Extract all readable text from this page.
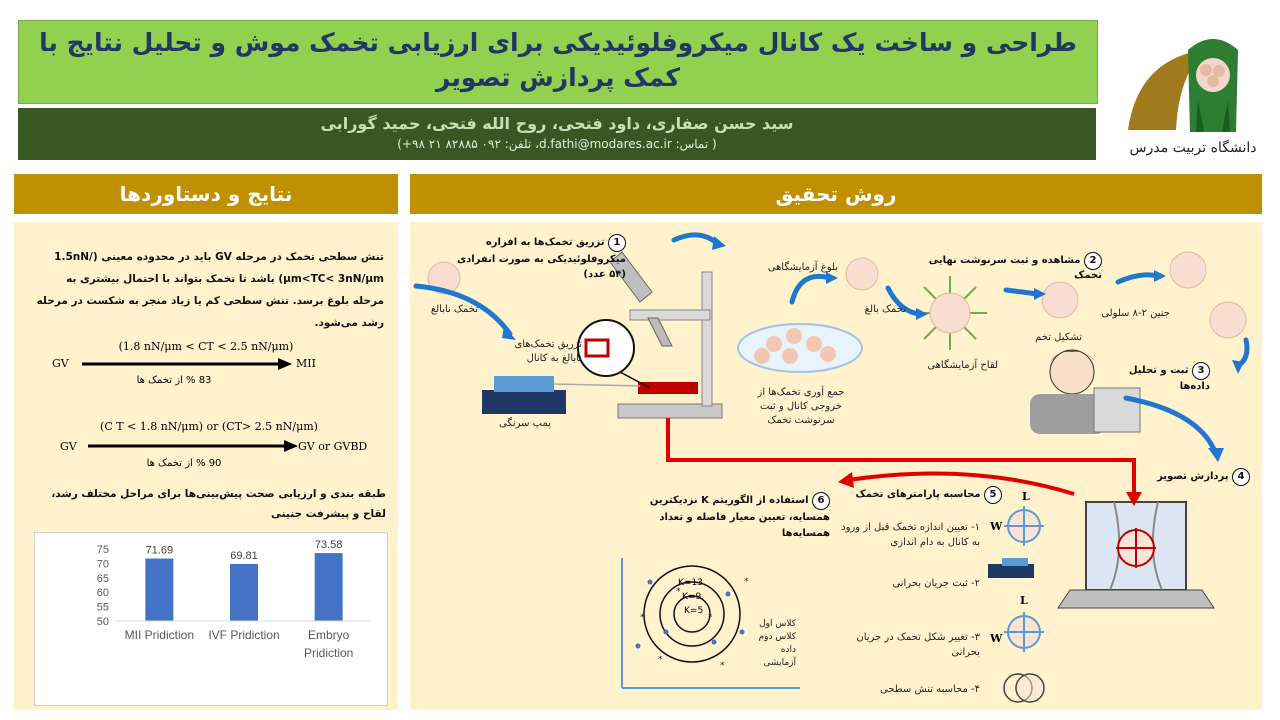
طراحی و ساخت یک کانال میکروفلوئیدیکی برای ارزیابی تخمک موش و تحلیل نتایج با کمک پردازش تصویر
سید حسن صفاری، داود فتحی، روح الله فتحی، حمید گورابی
( تماس: d.fathi@modares.ac.ir، تلفن: ۰۹۲ ۸۲۸۸۵ ۲۱ ۹۸+)	دانشگاه تربیت مدرس
نتایج و دستاوردها	روش تحقیق
تنش سطحی تخمک در مرحله GV باید در محدوده معینی (1.5nN/μm<TC< 3nN/μm) باشد تا تخمک بتواند با احتمال بیشتری به مرحله بلوغ برسد. تنش سطحی کم یا زیاد منجر به شکست در مرحله رشد می‌شود.
(1.8 nN/μm < CT < 2.5 nN/μm)
GV	MII
83 % از تخمک ها
(C T < 1.8 nN/μm) or (CT> 2.5 nN/μm)
GV	GV or GVBD
90 % از تخمک ها
طبقه بندی و ارزیابی صحت پیش‌بینی‌ها برای مراحل مختلف رشد، لقاح و پیشرفت جنینی
50
55
60
65
70
75	71.69
MII Pridiction
69.81
IVF Pridiction
73.58
Embryo
Pridiction
*
*
*
*
*
*
1 تزریق تخمک‌ها به افزاره میکروفلوئیدیکی به صورت انفرادی (۵۴ عدد)
تخمک نابالغ
تزریق تخمک‌های نابالغ به کانال
پمپ سرنگی
بلوغ آزمایشگاهی
تخمک بالغ
جمع آوری تخمک‌ها از خروجی کانال و ثبت سرنوشت تخمک
2 مشاهده و ثبت سرنوشت نهایی تخمک
لقاح آزمایشگاهی
تشکیل تخم
جنین ۲-۸ سلولی
3 ثبت و تحلیل داده‌ها
4 پردازش تصویر
5 محاسبه پارامترهای تخمک
۱- تعیین اندازه تخمک قبل از ورود به کانال به دام اندازی
۲- ثبت جریان بحرانی
۳- تغییر شکل تخمک در جریان بحرانی
۴- محاسبه تنش سطحی
L
W
L
W
6 استفاده از الگوریتم K نزدیکترین همسایه، تعیین معیار فاصله و تعداد همسایه‌ها
K=13
K=9
K=5
کلاس اول
کلاس دوم
داده آزمایشی
